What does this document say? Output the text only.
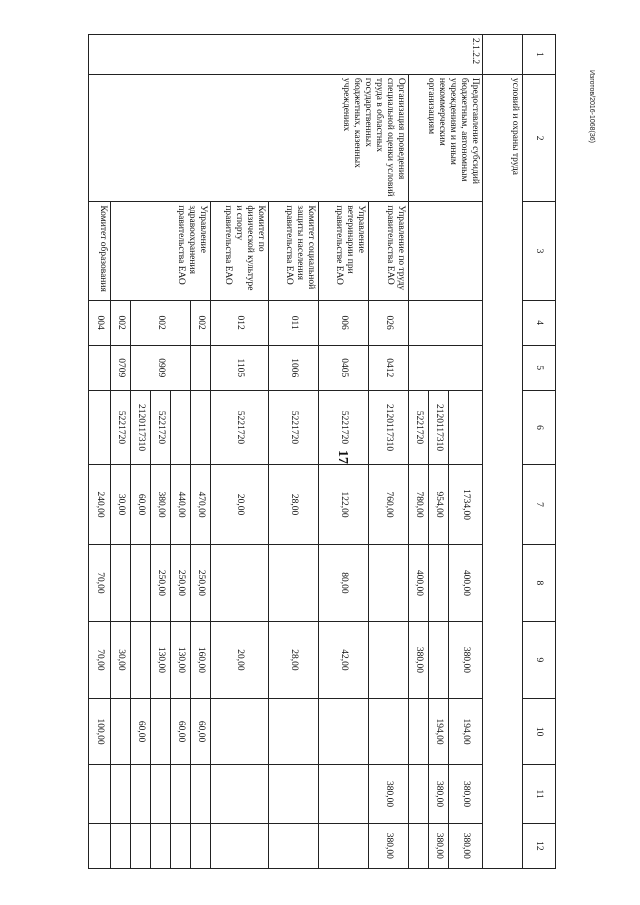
17
Изготов/2016-1068(36)
1	2	3	4	5	6	7	8	9	10	11	12
	условий и охраны труда										
2.1.2.2	Предоставление субсидий бюджетным, автономным учреждениям и иным некоммерческим организациям					1734,00	400,00	380,00	194,00	380,00	380,00
					2120117310	954,00			194,00	380,00	380,00
					5221720	780,00	400,00	380,00			
	Организация проведения специальной оценки условий труда в областных государственных бюджетных, казенных учреждениях	Управление по труду правительства ЕАО	026	0412	2120117310	760,00				380,00	380,00
		Управление ветеринарии при правительстве ЕАО	006	0405	5221720	122,00	80,00	42,00			
		Комитет социальной защиты населения правительства ЕАО	011	1006	5221720	28,00		28,00			
		Комитет по физической культуре и спорту правительства ЕАО	012	1105	5221720	20,00		20,00			
		Управление здравоохранения правительства ЕАО	002			470,00	250,00	160,00	60,00		
			002	0909		440,00	250,00	130,00	60,00		
					5221720	380,00	250,00	130,00			
					2120117310	60,00			60,00		
			002	0709	5221720	30,00		30,00			
		Комитет образования	004			240,00	70,00	70,00	100,00		
